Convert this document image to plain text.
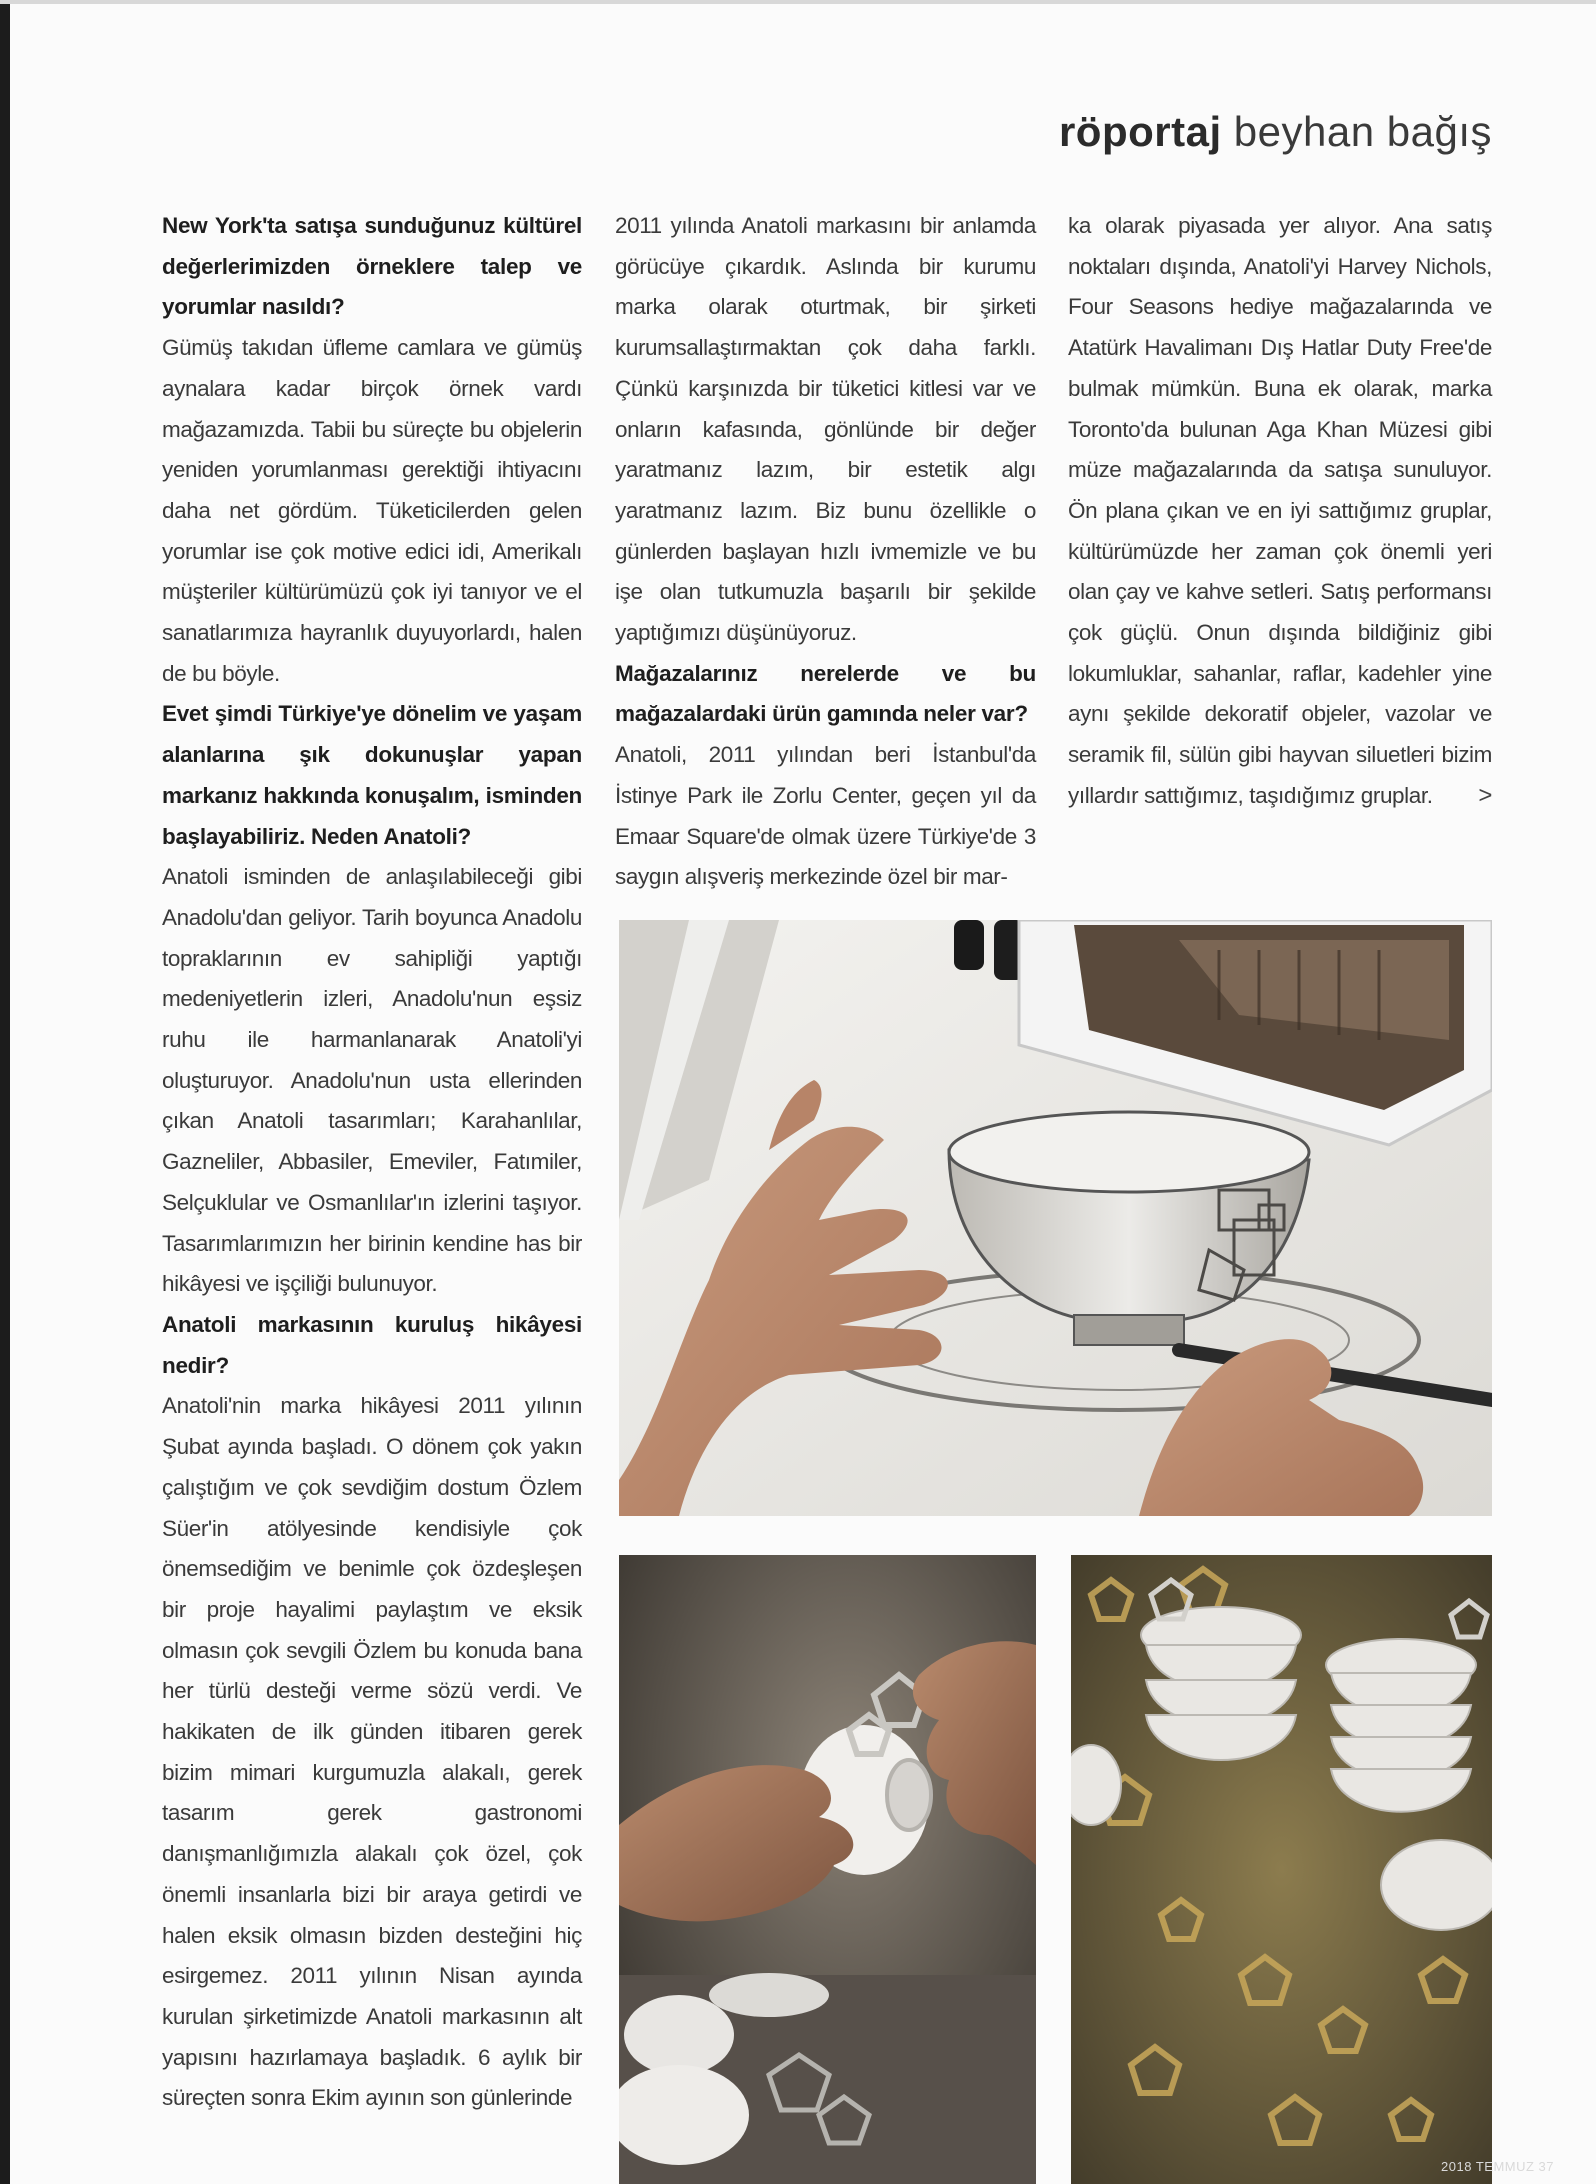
röportaj beyhan bağış

New York'ta satışa sunduğunuz kültürel değerlerimizden örneklere talep ve yorumlar nasıldı?

Gümüş takıdan üfleme camlara ve gümüş aynalara kadar birçok örnek vardı mağazamızda. Tabii bu süreçte bu objelerin yeniden yorumlanması gerektiği ihtiyacını daha net gördüm. Tüketicilerden gelen yorumlar ise çok motive edici idi, Amerikalı müşteriler kültürümüzü çok iyi tanıyor ve el sanatlarımıza hayranlık duyuyorlardı, halen de bu böyle.

Evet şimdi Türkiye'ye dönelim ve yaşam alanlarına şık dokunuşlar yapan markanız hakkında konuşalım, isminden başlayabiliriz. Neden Anatoli?

Anatoli isminden de anlaşılabileceği gibi Anadolu'dan geliyor. Tarih boyunca Anadolu topraklarının ev sahipliği yaptığı medeniyetlerin izleri, Anadolu'nun eşsiz ruhu ile harmanlanarak Anatoli'yi oluşturuyor. Anadolu'nun usta ellerinden çıkan Anatoli tasarımları; Karahanlılar, Gazneliler, Abbasiler, Emeviler, Fatımiler, Selçuklular ve Osmanlılar'ın izlerini taşıyor. Tasarımlarımızın her birinin kendine has bir hikâyesi ve işçiliği bulunuyor.

Anatoli markasının kuruluş hikâyesi nedir?

Anatoli'nin marka hikâyesi 2011 yılının Şubat ayında başladı. O dönem çok yakın çalıştığım ve çok sevdiğim dostum Özlem Süer'in atölyesinde kendisiyle çok önemsediğim ve benimle çok özdeşleşen bir proje hayalimi paylaştım ve eksik olmasın çok sevgili Özlem bu konuda bana her türlü desteği verme sözü verdi. Ve hakikaten de ilk günden itibaren gerek bizim mimari kurgumuzla alakalı, gerek tasarım gerek gastronomi danışmanlığımızla alakalı çok özel, çok önemli insanlarla bizi bir araya getirdi ve halen eksik olmasın bizden desteğini hiç esirgemez. 2011 yılının Nisan ayında kurulan şirketimizde Anatoli markasının alt yapısını hazırlamaya başladık. 6 aylık bir süreçten sonra Ekim ayının son günlerinde

2011 yılında Anatoli markasını bir anlamda görücüye çıkardık. Aslında bir kurumu marka olarak oturtmak, bir şirketi kurumsallaştırmaktan çok daha farklı. Çünkü karşınızda bir tüketici kitlesi var ve onların kafasında, gönlünde bir değer yaratmanız lazım, bir estetik algı yaratmanız lazım. Biz bunu özellikle o günlerden başlayan hızlı ivmemizle ve bu işe olan tutkumuzla başarılı bir şekilde yaptığımızı düşünüyoruz.

Mağazalarınız nerelerde ve bu mağazalardaki ürün gamında neler var?

Anatoli, 2011 yılından beri İstanbul'da İstinye Park ile Zorlu Center, geçen yıl da Emaar Square'de olmak üzere Türkiye'de 3 saygın alışveriş merkezinde özel bir mar-

ka olarak piyasada yer alıyor. Ana satış noktaları dışında, Anatoli'yi Harvey Nichols, Four Seasons hediye mağazalarında ve Atatürk Havalimanı Dış Hatlar Duty Free'de bulmak mümkün. Buna ek olarak, marka Toronto'da bulunan Aga Khan Müzesi gibi müze mağazalarında da satışa sunuluyor. Ön plana çıkan ve en iyi sattığımız gruplar, kültürümüzde her zaman çok önemli yeri olan çay ve kahve setleri. Satış performansı çok güçlü. Onun dışında bildiğiniz gibi lokumluklar, sahanlar, raflar, kadehler yine aynı şekilde dekoratif objeler, vazolar ve seramik fil, sülün gibi hayvan siluetleri bizim yıllardır sattığımız, taşıdığımız gruplar. >

2018 TEMMUZ 37
